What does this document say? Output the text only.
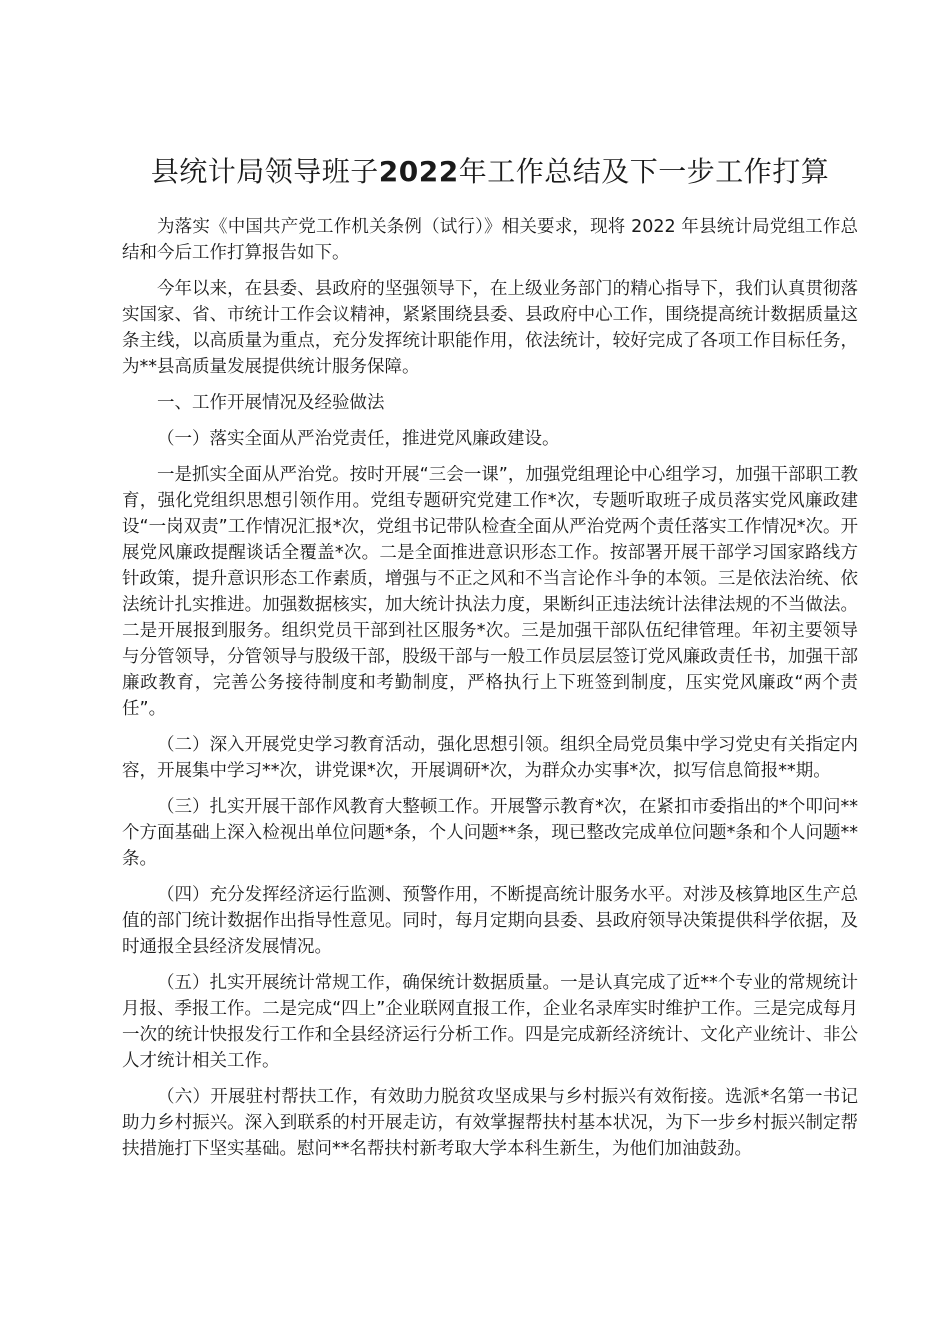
县统计局领导班子2022年工作总结及下一步工作打算

为落实《中国共产党工作机关条例（试行）》相关要求，现将 2022 年县统计局党组工作总结和今后工作打算报告如下。

今年以来，在县委、县政府的坚强领导下，在上级业务部门的精心指导下，我们认真贯彻落实国家、省、市统计工作会议精神，紧紧围绕县委、县政府中心工作，围绕提高统计数据质量这条主线，以高质量为重点，充分发挥统计职能作用，依法统计，较好完成了各项工作目标任务，为**县高质量发展提供统计服务保障。

一、工作开展情况及经验做法

（一）落实全面从严治党责任，推进党风廉政建设。

一是抓实全面从严治党。按时开展“三会一课”，加强党组理论中心组学习，加强干部职工教育，强化党组织思想引领作用。党组专题研究党建工作*次，专题听取班子成员落实党风廉政建设“一岗双责”工作情况汇报*次，党组书记带队检查全面从严治党两个责任落实工作情况*次。开展党风廉政提醒谈话全覆盖*次。二是全面推进意识形态工作。按部署开展干部学习国家路线方针政策，提升意识形态工作素质，增强与不正之风和不当言论作斗争的本领。三是依法治统、依法统计扎实推进。加强数据核实，加大统计执法力度，果断纠正违法统计法律法规的不当做法。二是开展报到服务。组织党员干部到社区服务*次。三是加强干部队伍纪律管理。年初主要领导与分管领导，分管领导与股级干部，股级干部与一般工作员层层签订党风廉政责任书，加强干部廉政教育，完善公务接待制度和考勤制度，严格执行上下班签到制度，压实党风廉政“两个责任”。

（二）深入开展党史学习教育活动，强化思想引领。组织全局党员集中学习党史有关指定内容，开展集中学习**次，讲党课*次，开展调研*次，为群众办实事*次，拟写信息简报**期。

（三）扎实开展干部作风教育大整顿工作。开展警示教育*次，在紧扣市委指出的*个叩问**个方面基础上深入检视出单位问题*条，个人问题**条，现已整改完成单位问题*条和个人问题**条。

（四）充分发挥经济运行监测、预警作用，不断提高统计服务水平。对涉及核算地区生产总值的部门统计数据作出指导性意见。同时，每月定期向县委、县政府领导决策提供科学依据，及时通报全县经济发展情况。

（五）扎实开展统计常规工作，确保统计数据质量。一是认真完成了近**个专业的常规统计月报、季报工作。二是完成“四上”企业联网直报工作，企业名录库实时维护工作。三是完成每月一次的统计快报发行工作和全县经济运行分析工作。四是完成新经济统计、文化产业统计、非公人才统计相关工作。

（六）开展驻村帮扶工作，有效助力脱贫攻坚成果与乡村振兴有效衔接。选派*名第一书记助力乡村振兴。深入到联系的村开展走访，有效掌握帮扶村基本状况，为下一步乡村振兴制定帮扶措施打下坚实基础。慰问**名帮扶村新考取大学本科生新生，为他们加油鼓劲。
